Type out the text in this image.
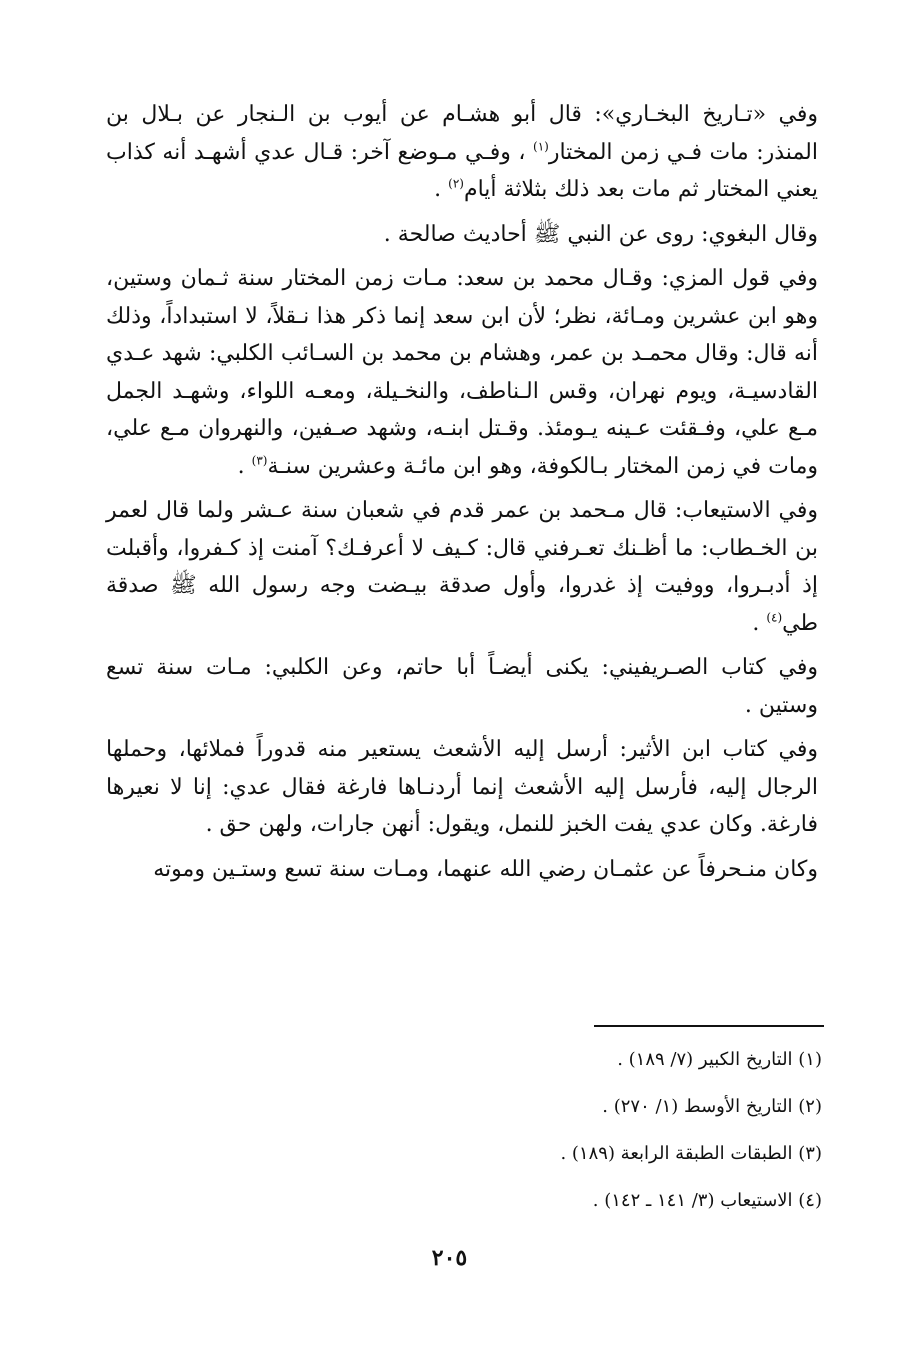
وفي «تـاريخ البخـاري»: قال أبو هشـام عن أيوب بن الـنجار عن بـلال بن المنذر: مات فـي زمن المختار$^{(١)}$ ، وفـي مـوضع آخر: قـال عدي أشهـد أنه كذاب يعني المختار ثم مات بعد ذلك بثلاثة أيام$^{(٢)}$ .

وقال البغوي: روى عن النبي ﷺ أحاديث صالحة .

وفي قول المزي: وقـال محمد بن سعد: مـات زمن المختار سنة ثـمان وستين، وهو ابن عشرين ومـائة، نظر؛ لأن ابن سعد إنما ذكر هذا نـقلاً، لا استبداداً، وذلك أنه قال: وقال محمـد بن عمر، وهشام بن محمد بن السـائب الكلبي: شهد عـدي القادسيـة، ويوم نهران، وقس الـناطف، والنخـيلة، ومعـه اللواء، وشهـد الجمل مـع علي، وفـقئت عـينه يـومئذ. وقـتل ابنـه، وشهد صـفين، والنهروان مـع علي، ومات في زمن المختار بـالكوفة، وهو ابن مائـة وعشرين سنـة$^{(٣)}$ .

وفي الاستيعاب: قال مـحمد بن عمر قدم في شعبان سنة عـشر ولما قال لعمر بن الخـطاب: ما أظـنك تعـرفني قال: كـيف لا أعرفـك؟ آمنت إذ كـفروا، وأقبلت إذ أدبـروا، ووفيت إذ غدروا، وأول صدقة بيـضت وجه رسول الله ﷺ صدقة طي$^{(٤)}$ .

وفي كتاب الصـريفيني: يكنى أيضـاً أبا حاتم، وعن الكلبي: مـات سنة تسع وستين .

وفي كتاب ابن الأثير: أرسل إليه الأشعث يستعير منه قدوراً فملائها، وحملها الرجال إليه، فأرسل إليه الأشعث إنما أردنـاها فارغة فقال عدي: إنا لا نعيرها فارغة. وكان عدي يفت الخبز للنمل، ويقول: أنهن جارات، ولهن حق .

وكان منـحرفاً عن عثمـان رضي الله عنهما، ومـات سنة تسع وستـين وموته

(١) التاريخ الكبير (٧/ ١٨٩) .
(٢) التاريخ الأوسط (١/ ٢٧٠) .
(٣) الطبقات الطبقة الرابعة (١٨٩) .
(٤) الاستيعاب (٣/ ١٤١ ـ ١٤٢) .
٢٠٥
